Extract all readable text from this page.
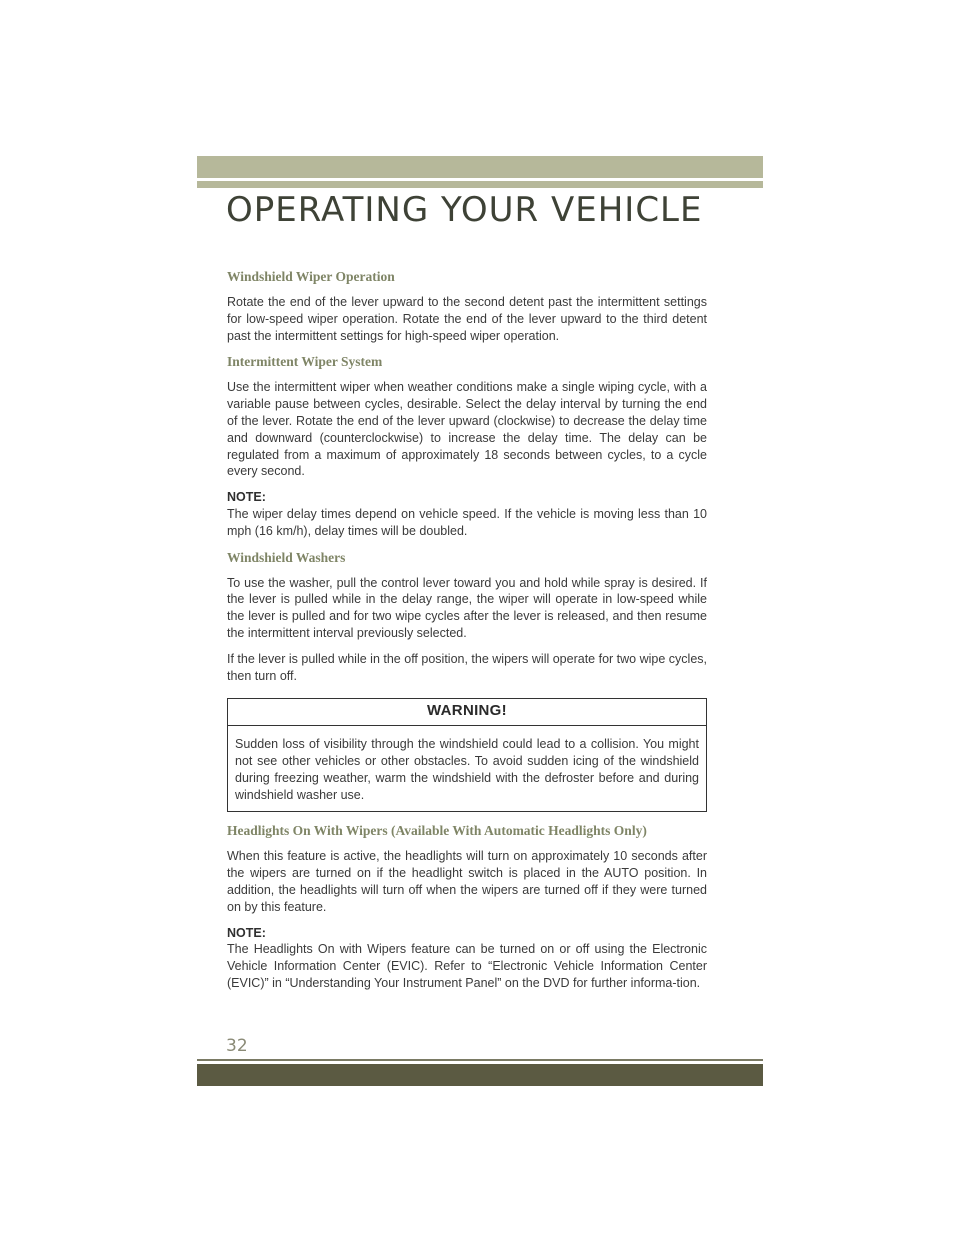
OPERATING YOUR VEHICLE
Windshield Wiper Operation

Rotate the end of the lever upward to the second detent past the intermittent settings for low-speed wiper operation. Rotate the end of the lever upward to the third detent past the intermittent settings for high-speed wiper operation.

Intermittent Wiper System

Use the intermittent wiper when weather conditions make a single wiping cycle, with a variable pause between cycles, desirable. Select the delay interval by turning the end of the lever. Rotate the end of the lever upward (clockwise) to decrease the delay time and downward (counterclockwise) to increase the delay time. The delay can be regulated from a maximum of approximately 18 seconds between cycles, to a cycle every second.

NOTE:
The wiper delay times depend on vehicle speed. If the vehicle is moving less than 10 mph (16 km/h), delay times will be doubled.

Windshield Washers

To use the washer, pull the control lever toward you and hold while spray is desired. If the lever is pulled while in the delay range, the wiper will operate in low-speed while the lever is pulled and for two wipe cycles after the lever is released, and then resume the intermittent interval previously selected.

If the lever is pulled while in the off position, the wipers will operate for two wipe cycles, then turn off.

WARNING!
Sudden loss of visibility through the windshield could lead to a collision. You might not see other vehicles or other obstacles. To avoid sudden icing of the windshield during freezing weather, warm the windshield with the defroster before and during windshield washer use.
Headlights On With Wipers (Available With Automatic Headlights Only)

When this feature is active, the headlights will turn on approximately 10 seconds after the wipers are turned on if the headlight switch is placed in the AUTO position. In addition, the headlights will turn off when the wipers are turned off if they were turned on by this feature.

NOTE:
The Headlights On with Wipers feature can be turned on or off using the Electronic Vehicle Information Center (EVIC). Refer to “Electronic Vehicle Information Center (EVIC)” in “Understanding Your Instrument Panel” on the DVD for further informa-tion.

32
